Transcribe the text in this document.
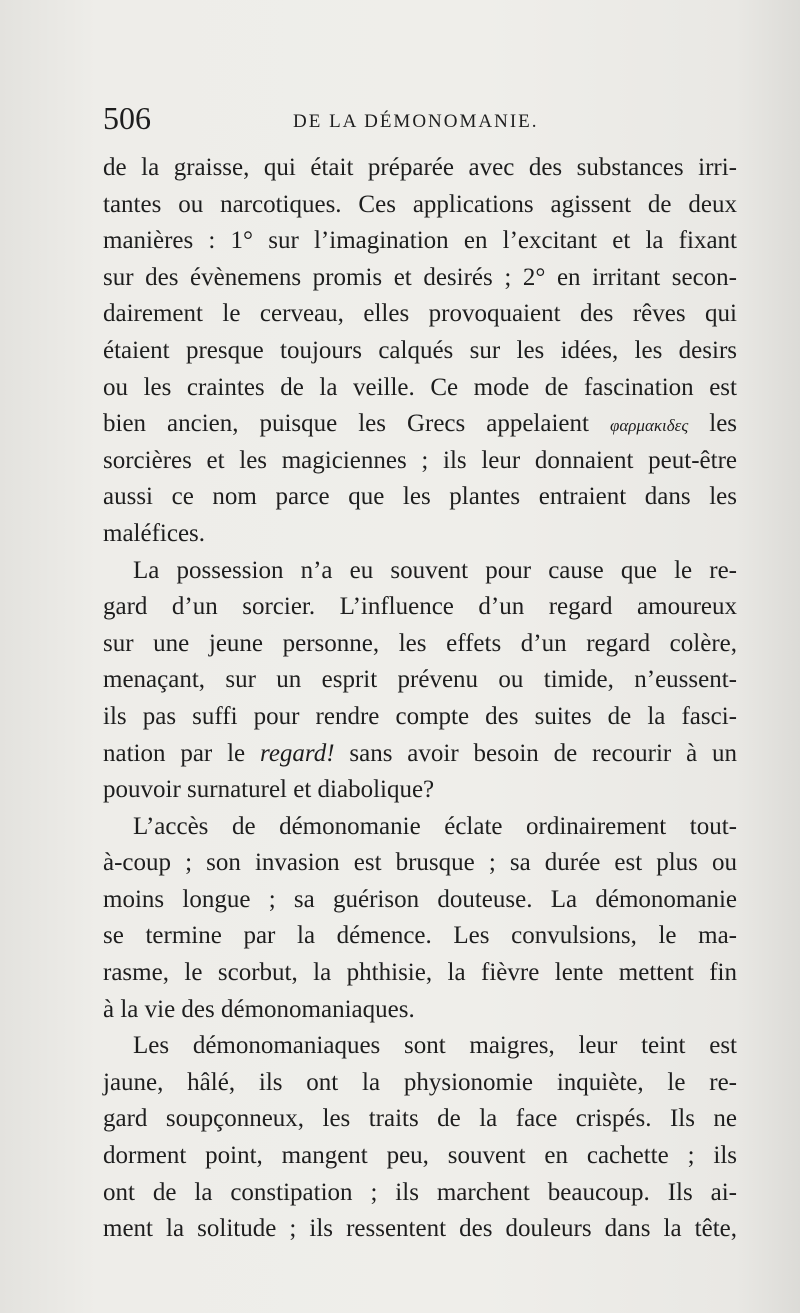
506	DE LA DÉMONOMANIE.
de la graisse, qui était préparée avec des substances irri-
tantes ou narcotiques. Ces applications agissent de deux
manières : 1° sur l’imagination en l’excitant et la fixant
sur des évènemens promis et desirés ; 2° en irritant secon-
dairement le cerveau, elles provoquaient des rêves qui
étaient presque toujours calqués sur les idées, les desirs
ou les craintes de la veille. Ce mode de fascination est
bien ancien, puisque les Grecs appelaient φαρμακιδες les
sorcières et les magiciennes ; ils leur donnaient peut-être
aussi ce nom parce que les plantes entraient dans les
maléfices.
La possession n’a eu souvent pour cause que le re-
gard d’un sorcier. L’influence d’un regard amoureux
sur une jeune personne, les effets d’un regard colère,
menaçant, sur un esprit prévenu ou timide, n’eussent-
ils pas suffi pour rendre compte des suites de la fasci-
nation par le regard! sans avoir besoin de recourir à un
pouvoir surnaturel et diabolique?
L’accès de démonomanie éclate ordinairement tout-
à-coup ; son invasion est brusque ; sa durée est plus ou
moins longue ; sa guérison douteuse. La démonomanie
se termine par la démence. Les convulsions, le ma-
rasme, le scorbut, la phthisie, la fièvre lente mettent fin
à la vie des démonomaniaques.
Les démonomaniaques sont maigres, leur teint est
jaune, hâlé, ils ont la physionomie inquiète, le re-
gard soupçonneux, les traits de la face crispés. Ils ne
dorment point, mangent peu, souvent en cachette ; ils
ont de la constipation ; ils marchent beaucoup. Ils ai-
ment la solitude ; ils ressentent des douleurs dans la tête,
